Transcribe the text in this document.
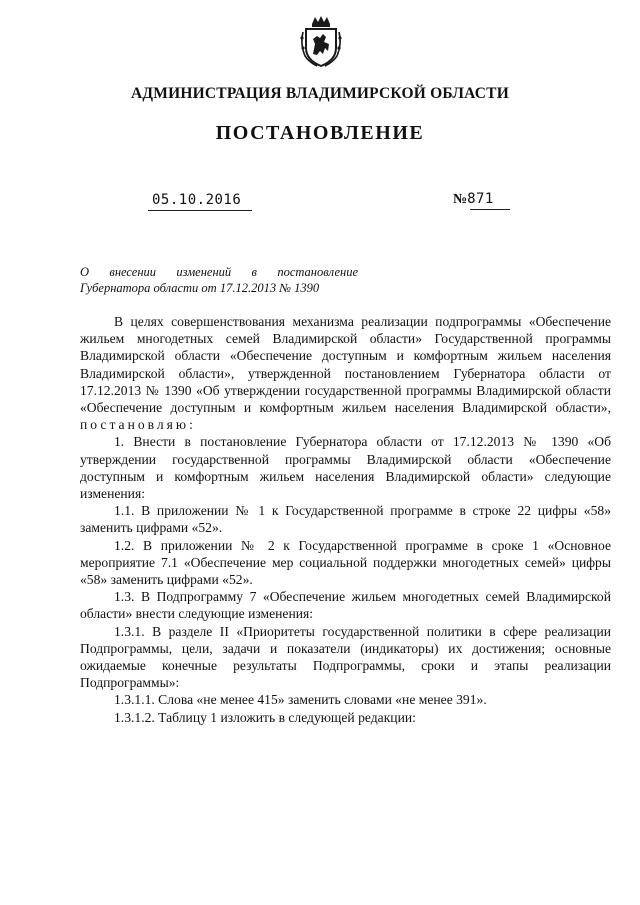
АДМИНИСТРАЦИЯ ВЛАДИМИРСКОЙ ОБЛАСТИ
ПОСТАНОВЛЕНИЕ
05.10.2016	№871
О внесении изменений в постановление
Губернатора области от 17.12.2013 № 1390

В целях совершенствования механизма реализации подпрограммы «Обеспечение жильем многодетных семей Владимирской области» Государственной программы Владимирской области «Обеспечение доступным и комфортным жильем населения Владимирской области», утвержденной постановлением Губернатора области от 17.12.2013 № 1390 «Об утверждении государственной программы Владимирской области «Обеспечение доступным и комфортным жильем населения Владимирской области», постановляю:

1. Внести в постановление Губернатора области от 17.12.2013 № 1390 «Об утверждении государственной программы Владимирской области «Обеспечение доступным и комфортным жильем населения Владимирской области» следующие изменения:

1.1. В приложении № 1 к Государственной программе в строке 22 цифры «58» заменить цифрами «52».

1.2. В приложении № 2 к Государственной программе в сроке 1 «Основное мероприятие 7.1 «Обеспечение мер социальной поддержки многодетных семей» цифры «58» заменить цифрами «52».

1.3. В Подпрограмму 7 «Обеспечение жильем многодетных семей Владимирской области» внести следующие изменения:

1.3.1. В разделе II «Приоритеты государственной политики в сфере реализации Подпрограммы, цели, задачи и показатели (индикаторы) их достижения; основные ожидаемые конечные результаты Подпрограммы, сроки и этапы реализации Подпрограммы»:

1.3.1.1. Слова «не менее 415» заменить словами «не менее 391».

1.3.1.2. Таблицу 1 изложить в следующей редакции:
